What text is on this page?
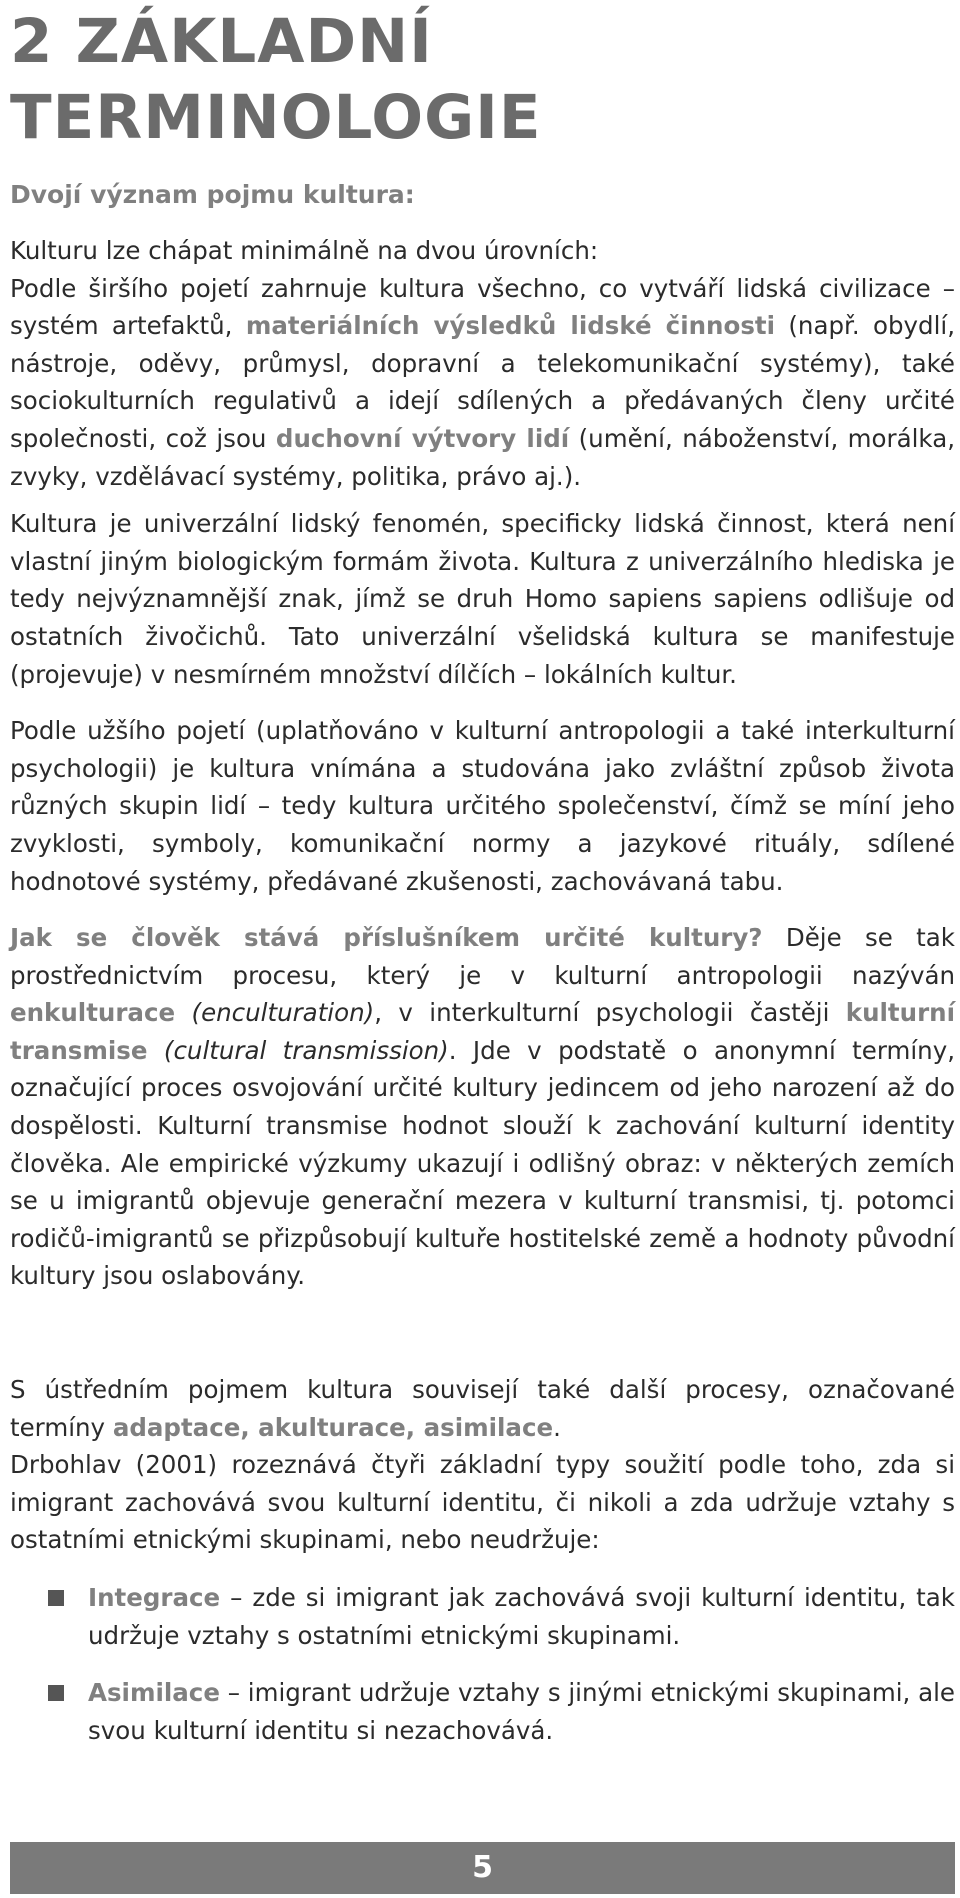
2 ZÁKLADNÍ TERMINOLOGIE
Dvojí význam pojmu kultura:

Kulturu lze chápat minimálně na dvou úrovních:
Podle širšího pojetí zahrnuje kultura všechno, co vytváří lidská civilizace – systém artefaktů, materiálních výsledků lidské činnosti (např. obydlí, nástroje, oděvy, průmysl, dopravní a telekomunikační systémy), také sociokulturních regulativů a idejí sdílených a předávaných členy určité společnosti, což jsou duchovní výtvory lidí (umění, náboženství, morálka, zvyky, vzdělávací systémy, politika, právo aj.).

Kultura je univerzální lidský fenomén, specificky lidská činnost, která není vlastní jiným biologickým formám života. Kultura z univerzálního hlediska je tedy nejvýznamnější znak, jímž se druh Homo sapiens sapiens odlišuje od ostatních živočichů. Tato univerzální všelidská kultura se manifestuje (projevuje) v nesmírném množství dílčích – lokálních kultur.

Podle užšího pojetí (uplatňováno v kulturní antropologii a také interkulturní psychologii) je kultura vnímána a studována jako zvláštní způsob života různých skupin lidí – tedy kultura určitého společenství, čímž se míní jeho zvyklosti, symboly, komunikační normy a jazykové rituály, sdílené hodnotové systémy, předávané zkušenosti, zachovávaná tabu.

Jak se člověk stává příslušníkem určité kultury? Děje se tak prostřednictvím procesu, který je v kulturní antropologii nazýván enkulturace (enculturation), v interkulturní psychologii častěji kulturní transmise (cultural transmission). Jde v podstatě o anonymní termíny, označující proces osvojování určité kultury jedincem od jeho narození až do dospělosti. Kulturní transmise hodnot slouží k zachování kulturní identity člověka. Ale empirické výzkumy ukazují i odlišný obraz: v některých zemích se u imigrantů objevuje generační mezera v kulturní transmisi, tj. potomci rodičů-imigrantů se přizpůsobují kultuře hostitelské země a hodnoty původní kultury jsou oslabovány.

S ústředním pojmem kultura souvisejí také další procesy, označované termíny adaptace, akulturace, asimilace.
Drbohlav (2001) rozeznává čtyři základní typy soužití podle toho, zda si imigrant zachovává svou kulturní identitu, či nikoli a zda udržuje vztahy s ostatními etnickými skupinami, nebo neudržuje:

Integrace – zde si imigrant jak zachovává svoji kulturní identitu, tak udržuje vztahy s ostatními etnickými skupinami.
Asimilace – imigrant udržuje vztahy s jinými etnickými skupinami, ale svou kulturní identitu si nezachovává.
5
